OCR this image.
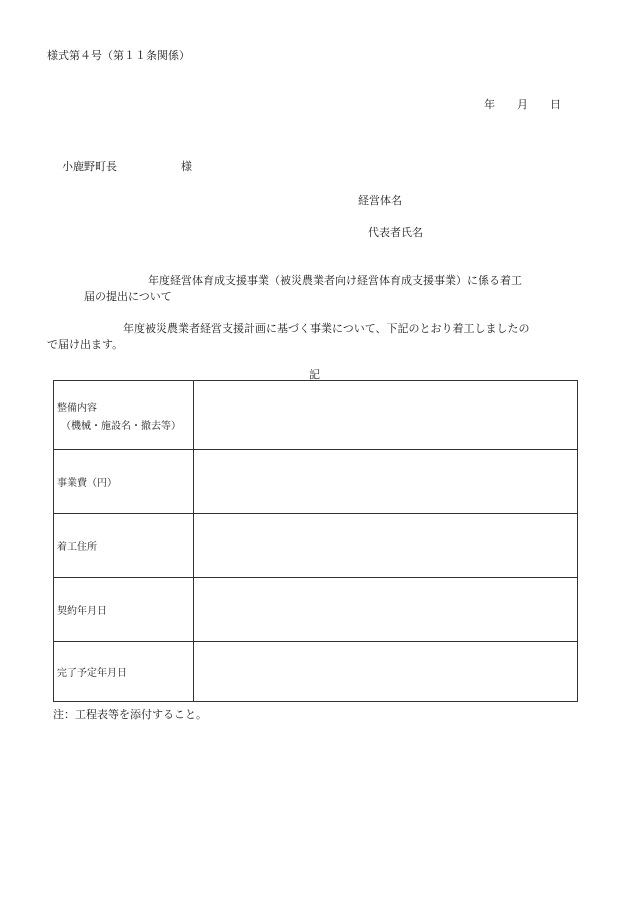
様式第４号（第１１条関係）
年 月 日
小鹿野町長	様
経営体名
代表者氏名
年度経営体育成支援事業（被災農業者向け経営体育成支援事業）に係る着工
届の提出について
年度被災農業者経営支援計画に基づく事業について、下記のとおり着工しましたの
で届け出ます。
記
整備内容
（機械・施設名・撤去等）	

事業費（円）	
着工住所	
契約年月日	
完了予定年月日	
注：工程表等を添付すること。
